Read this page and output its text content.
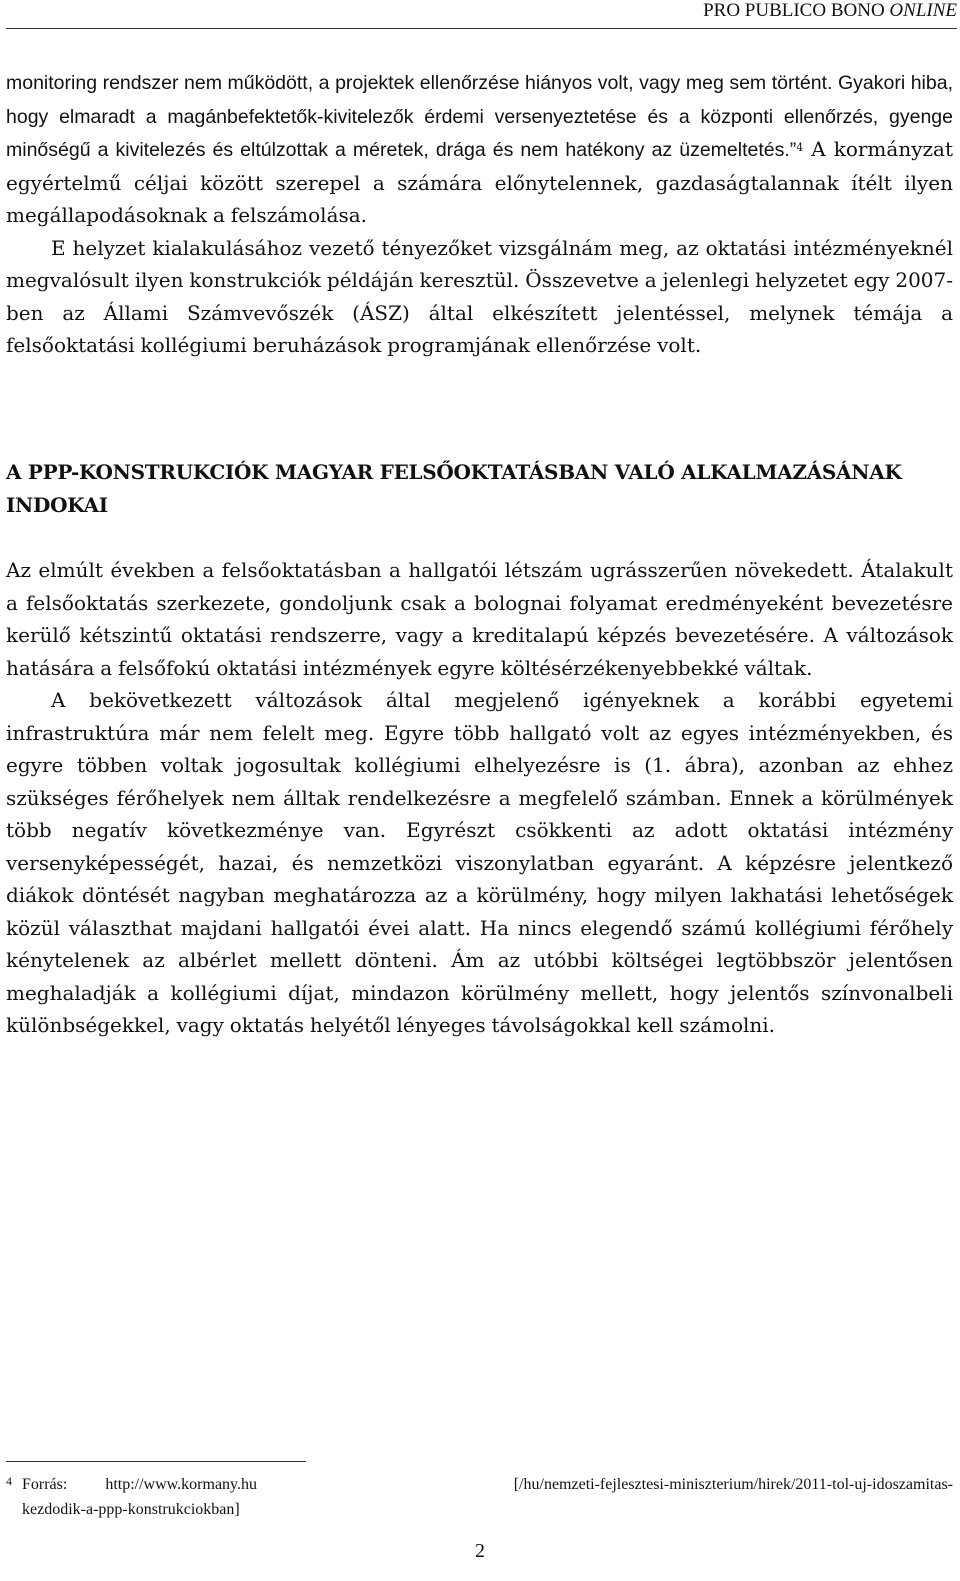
PRO PUBLICO BONO ONLINE

monitoring rendszer nem működött, a projektek ellenőrzése hiányos volt, vagy meg sem történt. Gyakori hiba, hogy elmaradt a magánbefektetők-kivitelezők érdemi versenyeztetése és a központi ellenőrzés, gyenge minőségű a kivitelezés és eltúlzottak a méretek, drága és nem hatékony az üzemeltetés.”$^4$ A kormányzat egyértelmű céljai között szerepel a számára előnytelennek, gazdaságtalannak ítélt ilyen megállapodásoknak a felszámolása.

E helyzet kialakulásához vezető tényezőket vizsgálnám meg, az oktatási intézményeknél megvalósult ilyen konstrukciók példáján keresztül. Összevetve a jelenlegi helyzetet egy 2007-ben az Állami Számvevőszék (ÁSZ) által elkészített jelentéssel, melynek témája a felsőoktatási kollégiumi beruházások programjának ellenőrzése volt.

A PPP-KONSTRUKCIÓK MAGYAR FELSŐOKTATÁSBAN VALÓ ALKALMAZÁSÁNAK INDOKAI

Az elmúlt években a felsőoktatásban a hallgatói létszám ugrásszerűen növekedett. Átalakult a felsőoktatás szerkezete, gondoljunk csak a bolognai folyamat eredményeként bevezetésre kerülő kétszintű oktatási rendszerre, vagy a kreditalapú képzés bevezetésére. A változások hatására a felsőfokú oktatási intézmények egyre költésérzékenyebbekké váltak.

A bekövetkezett változások által megjelenő igényeknek a korábbi egyetemi infrastruktúra már nem felelt meg. Egyre több hallgató volt az egyes intézményekben, és egyre többen voltak jogosultak kollégiumi elhelyezésre is (1. ábra), azonban az ehhez szükséges férőhelyek nem álltak rendelkezésre a megfelelő számban. Ennek a körülmények több negatív következménye van. Egyrészt csökkenti az adott oktatási intézmény versenyképességét, hazai, és nemzetközi viszonylatban egyaránt. A képzésre jelentkező diákok döntését nagyban meghatározza az a körülmény, hogy milyen lakhatási lehetőségek közül választhat majdani hallgatói évei alatt. Ha nincs elegendő számú kollégiumi férőhely kénytelenek az albérlet mellett dönteni. Ám az utóbbi költségei legtöbbször jelentősen meghaladják a kollégiumi díjat, mindazon körülmény mellett, hogy jelentős színvonalbeli különbségekkel, vagy oktatás helyétől lényeges távolságokkal kell számolni.

4 Forrás: http://www.kormany.hu	[/hu/nemzeti-fejlesztesi-miniszterium/hirek/2011-tol-uj-idoszamitas-
kezdodik-a-ppp-konstrukciokban]
2
